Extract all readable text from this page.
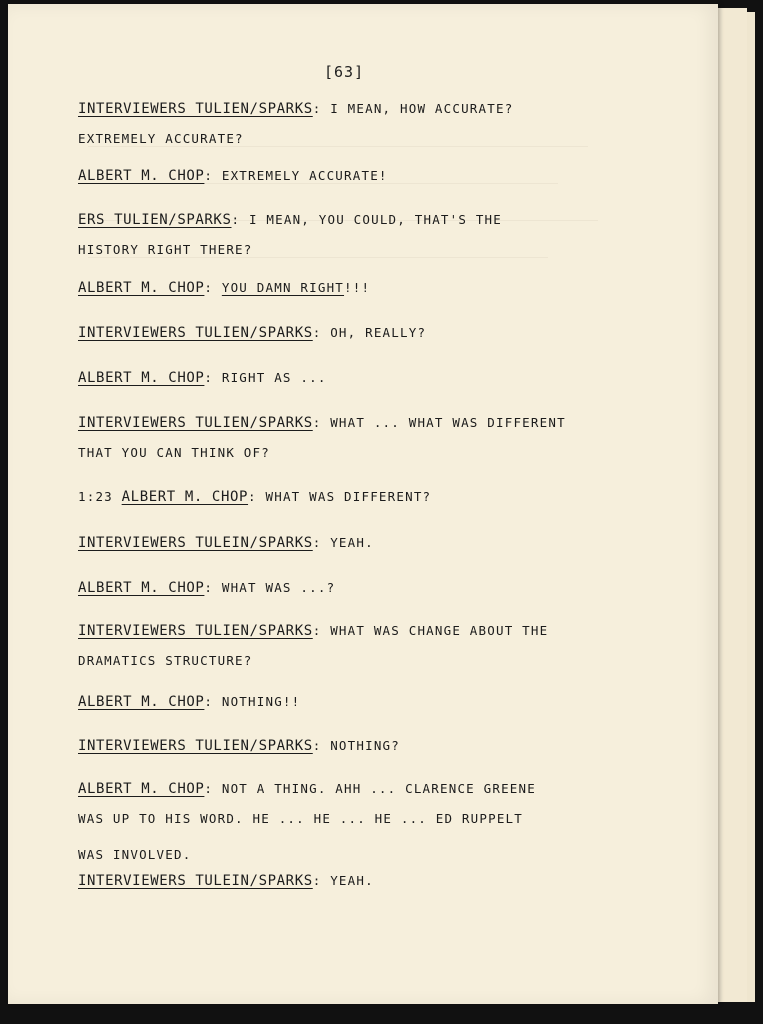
[63]
INTERVIEWERS TULIEN/SPARKS: I MEAN, HOW ACCURATE?
EXTREMELY ACCURATE?
ALBERT M. CHOP: EXTREMELY ACCURATE!
ERS TULIEN/SPARKS: I MEAN, YOU COULD, THAT'S THE
HISTORY RIGHT THERE?
ALBERT M. CHOP: YOU DAMN RIGHT!!!
INTERVIEWERS TULIEN/SPARKS: OH, REALLY?
ALBERT M. CHOP: RIGHT AS ...
INTERVIEWERS TULIEN/SPARKS: WHAT ... WHAT WAS DIFFERENT
THAT YOU CAN THINK OF?
1:23 ALBERT M. CHOP: WHAT WAS DIFFERENT?
INTERVIEWERS TULEIN/SPARKS: YEAH.
ALBERT M. CHOP: WHAT WAS ...?
INTERVIEWERS TULIEN/SPARKS: WHAT WAS CHANGE ABOUT THE
DRAMATICS STRUCTURE?
ALBERT M. CHOP: NOTHING!!
INTERVIEWERS TULIEN/SPARKS: NOTHING?
ALBERT M. CHOP: NOT A THING. AHH ... CLARENCE GREENE
WAS UP TO HIS WORD. HE ... HE ... HE ... ED RUPPELT
WAS INVOLVED.
INTERVIEWERS TULEIN/SPARKS: YEAH.
